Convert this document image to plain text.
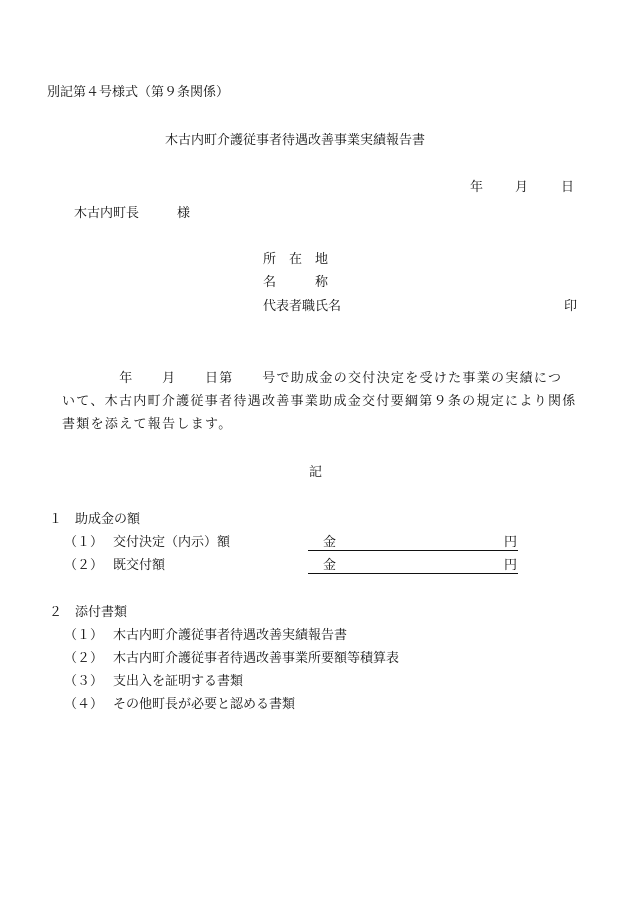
別記第４号様式（第９条関係）
木古内町介護従事者待遇改善事業実績報告書
年 月	日
木古内町長	様
所　在　地
名　　　称
代表者職氏名	印
　　　　年　　月　　日第　　号で助成金の交付決定を受けた事業の実績につ
いて、木古内町介護従事者待遇改善事業助成金交付要綱第９条の規定により関係
書類を添えて報告します。
記
１　助成金の額
（１） 交付決定（内示）額	金	円
（２） 既交付額	金	円
２　添付書類
（１） 木古内町介護従事者待遇改善実績報告書
（２） 木古内町介護従事者待遇改善事業所要額等積算表
（３） 支出入を証明する書類
（４） その他町長が必要と認める書類
